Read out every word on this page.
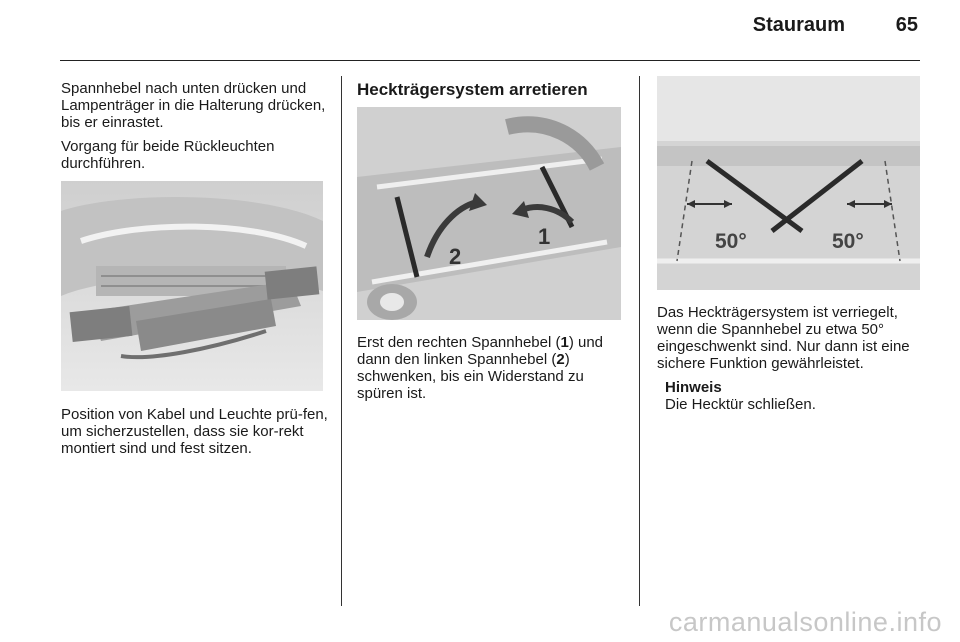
Stauraum	65

Spannhebel nach unten drücken und Lampenträger in die Halterung drücken, bis er einrastet.

Vorgang für beide Rückleuchten durchführen.

Position von Kabel und Leuchte prü-fen, um sicherzustellen, dass sie kor-rekt montiert sind und fest sitzen.

Heckträgersystem arretieren
1
2

Erst den rechten Spannhebel (1) und dann den linken Spannhebel (2) schwenken, bis ein Widerstand zu spüren ist.

50°	50°

Das Heckträgersystem ist verriegelt, wenn die Spannhebel zu etwa 50° eingeschwenkt sind. Nur dann ist eine sichere Funktion gewährleistet.

Hinweis
Die Hecktür schließen.
carmanualsonline.info
